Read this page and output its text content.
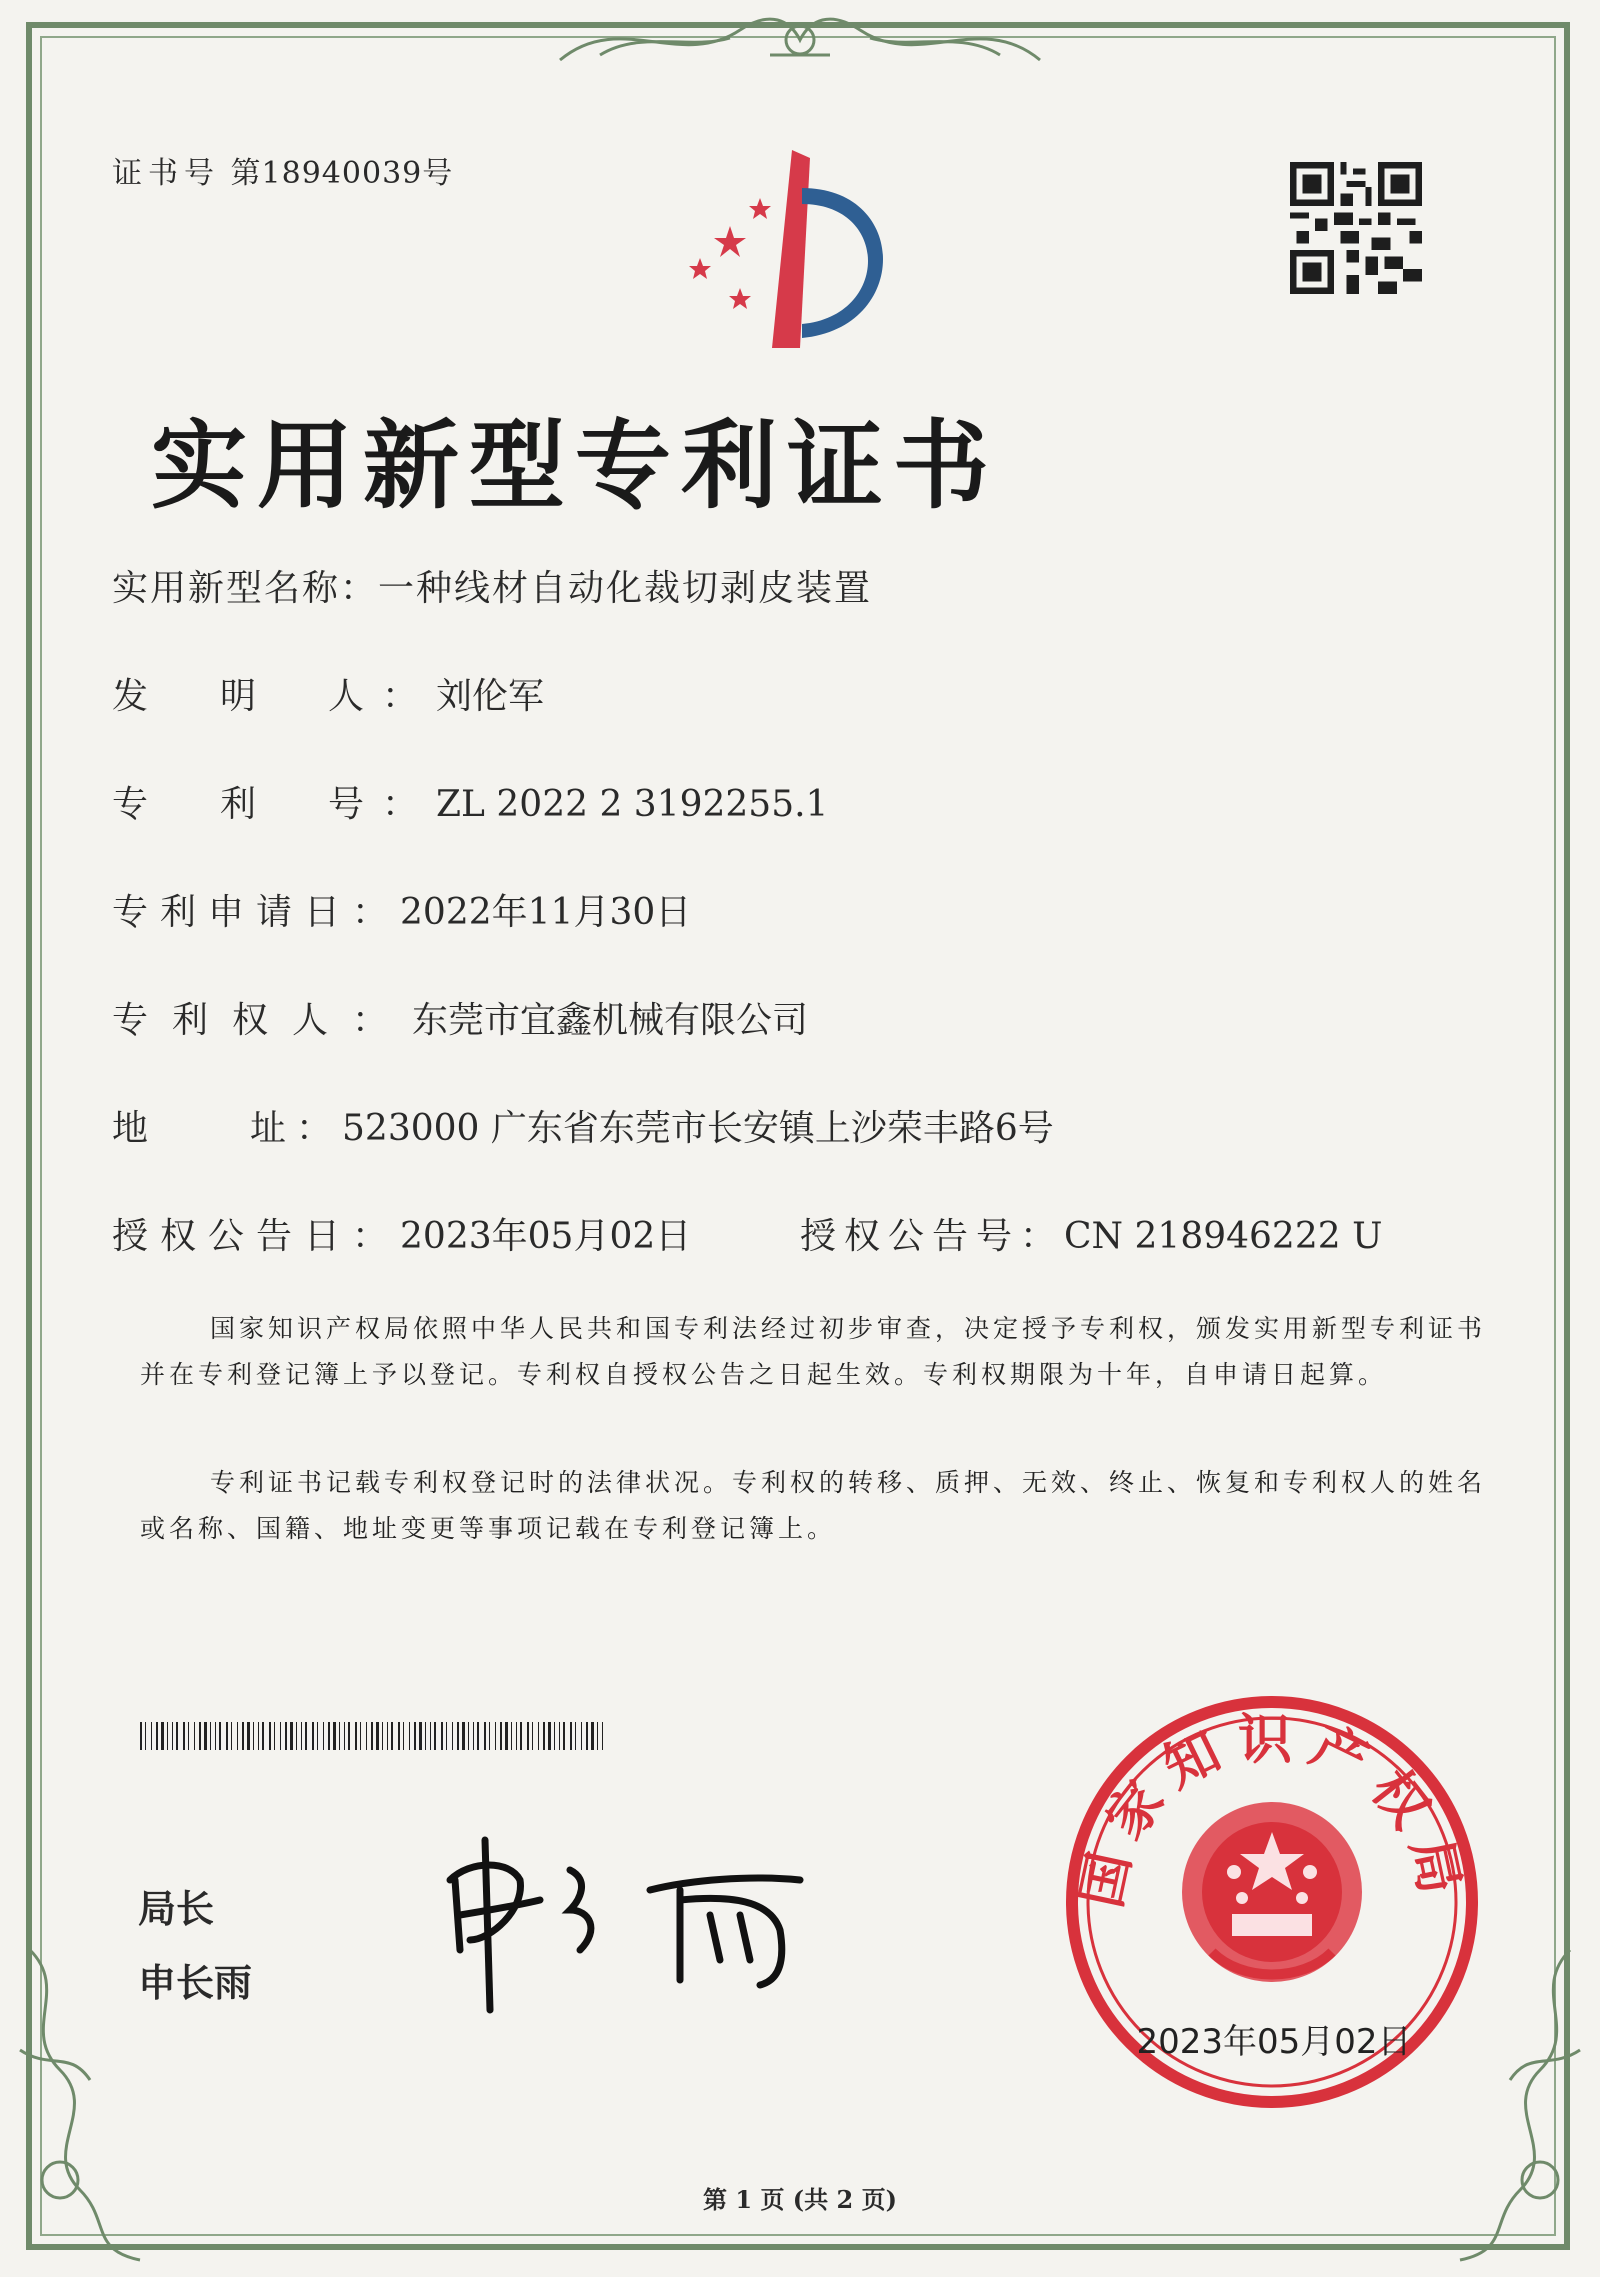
证书号 第18940039号
实用新型专利证书
实用新型名称：一种线材自动化裁切剥皮装置
发　明　人：刘伦军
专　利　号：ZL 2022 2 3192255.1
专利申请日：2022年11月30日
专利权人：东莞市宜鑫机械有限公司
地　　址：523000 广东省东莞市长安镇上沙荣丰路6号
授权公告日：2023年05月02日	授权公告号：CN 218946222 U
国家知识产权局依照中华人民共和国专利法经过初步审查，决定授予专利权，颁发实用新型专利证书并在专利登记簿上予以登记。专利权自授权公告之日起生效。专利权期限为十年，自申请日起算。
专利证书记载专利权登记时的法律状况。专利权的转移、质押、无效、终止、恢复和专利权人的姓名或名称、国籍、地址变更等事项记载在专利登记簿上。
局长
申长雨
国家知识产权局
2023年05月02日
第 1 页 (共 2 页)
